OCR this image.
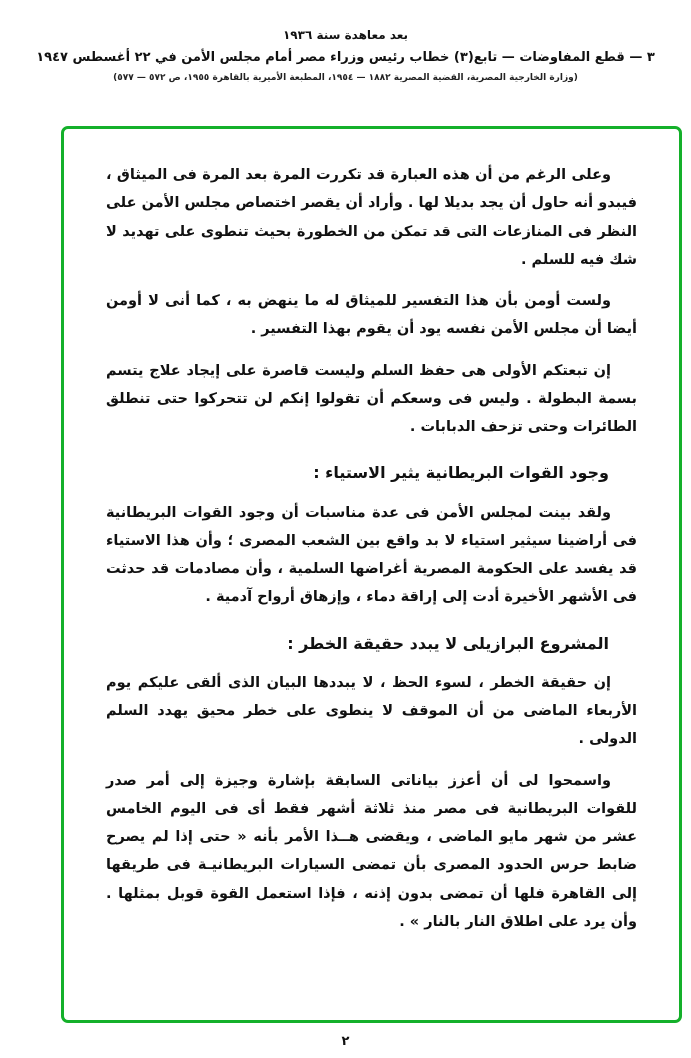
بعد معاهدة سنة ١٩٣٦
٣ — قطع المفاوضات — تابع(٣) خطاب رئيس وزراء مصر أمام مجلس الأمن في ٢٢ أغسطس ١٩٤٧
(وزارة الخارجية المصرية، القضية المصرية ١٨٨٢ — ١٩٥٤، المطبعة الأميرية بالقاهرة ١٩٥٥، ص ٥٧٢ — ٥٧٧)

وعلى الرغم من أن هذه العبارة قد تكررت المرة بعد المرة فى الميثاق ، فيبدو أنه حاول أن يجد بديلا لها . وأراد أن يقصر اختصاص مجلس الأمن على النظر فى المنازعات التى قد تمكن من الخطورة بحيث تنطوى على تهديد لا شك فيه للسلم .

ولست أومن بأن هذا التفسير للميثاق له ما ينهض به ، كما أنى لا أومن أيضا أن مجلس الأمن نفسه يود أن يقوم بهذا التفسير .

إن تبعتكم الأولى هى حفظ السلم وليست قاصرة على إيجاد علاج يتسم بسمة البطولة . وليس فى وسعكم أن تقولوا إنكم لن تتحركوا حتى تنطلق الطائرات وحتى تزحف الدبابات .

وجود القوات البريطانية يثير الاستياء :

ولقد بينت لمجلس الأمن فى عدة مناسبات أن وجود القوات البريطانية فى أراضينا سيثير استياء لا بد واقع بين الشعب المصرى ؛ وأن هذا الاستياء قد يفسد على الحكومة المصرية أغراضها السلمية ، وأن مصادمات قد حدثت فى الأشهر الأخيرة أدت إلى إراقة دماء ، وإزهاق أرواح آدمية .

المشروع البرازيلى لا يبدد حقيقة الخطر :

إن حقيقة الخطر ، لسوء الحظ ، لا يبددها البيان الذى ألقى عليكم يوم الأربعاء الماضى من أن الموقف لا ينطوى على خطر محيق يهدد السلم الدولى .

واسمحوا لى أن أعزز بياناتى السابقة بإشارة وجيزة إلى أمر صدر للقوات البريطانية فى مصر منذ ثلاثة أشهر فقط أى فى اليوم الخامس عشر من شهر مايو الماضى ، ويقضى هــذا الأمر بأنه « حتى إذا لم يصرح ضابط حرس الحدود المصرى بأن تمضى السيارات البريطانيـة فى طريقها إلى القاهرة فلها أن تمضى بدون إذنه ، فإذا استعمل القوة قوبل بمثلها . وأن يرد على اطلاق النار بالنار » .

٢
